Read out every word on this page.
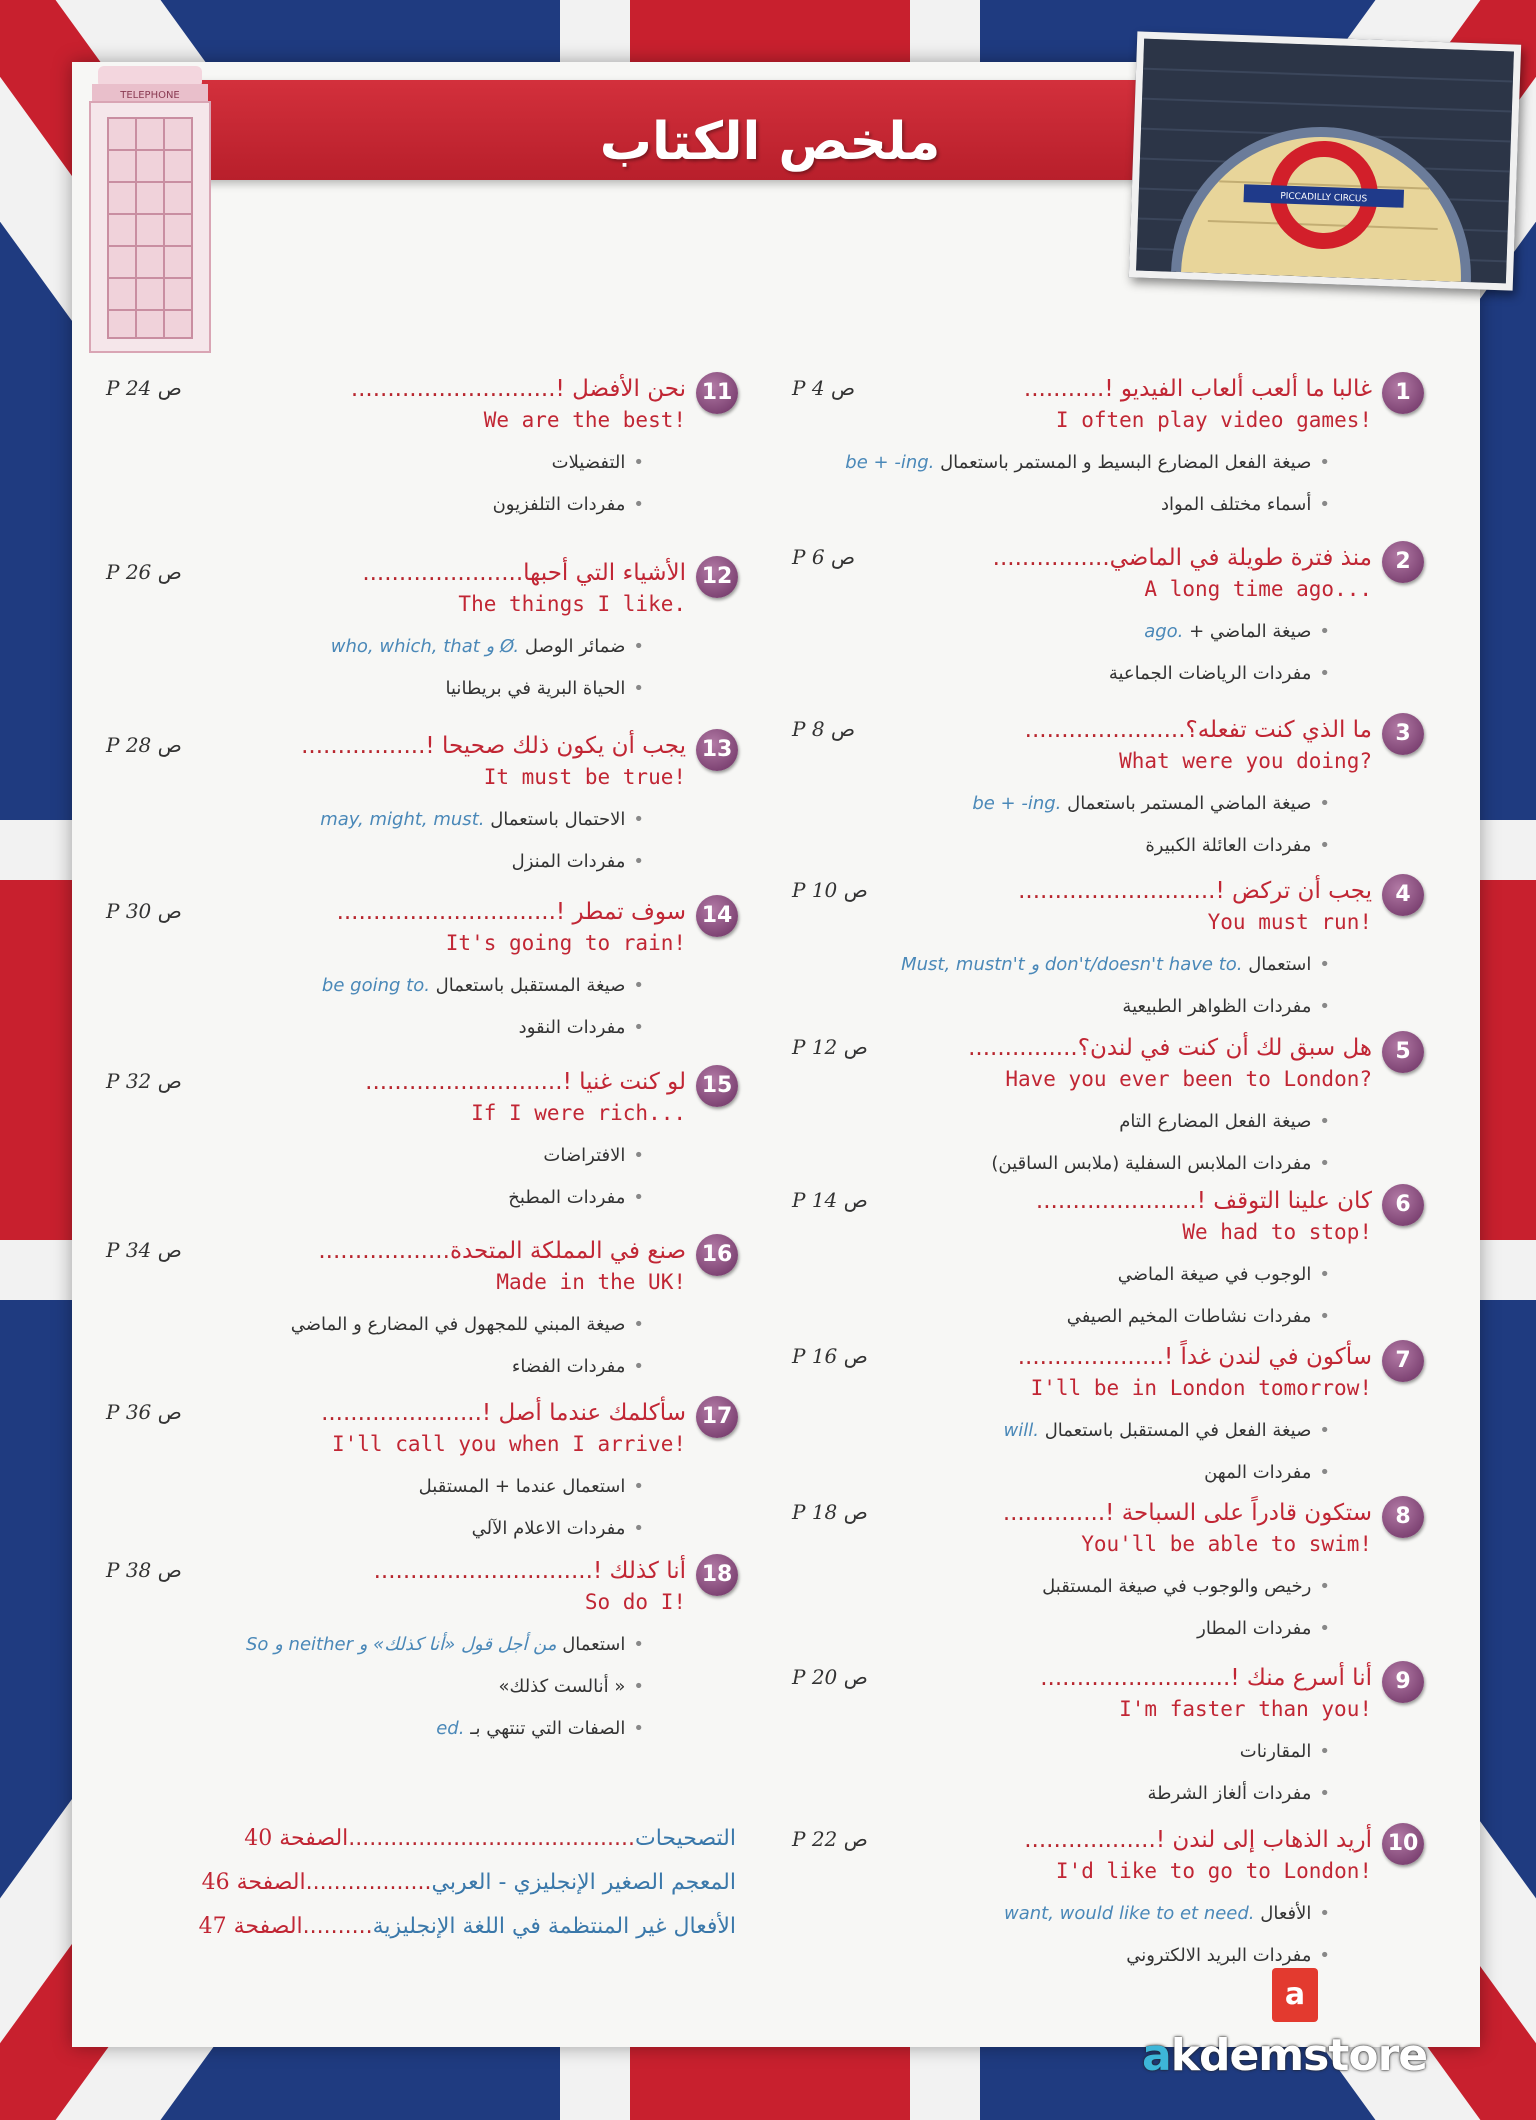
ملخص الكتاب
TELEPHONE
PICCADILLY CIRCUS
1
P 4 ص	غالبا ما ألعب ألعاب الفيديو !...........
I often play video games!
• صيغة الفعل المضارع البسيط و المستمر باستعمال be + -ing.
• أسماء مختلف المواد
2
P 6 ص	منذ فترة طويلة في الماضي................
A long time ago...
• صيغة الماضي + ago.
• مفردات الرياضات الجماعية
3
P 8 ص	ما الذي كنت تفعله؟......................
What were you doing?
• صيغة الماضي المستمر باستعمال be + -ing.
• مفردات العائلة الكبيرة
4
P 10 ص	يجب أن تركض !...........................
You must run!
• استعمال Must, mustn't و don't/doesn't have to.
• مفردات الظواهر الطبيعية
5
P 12 ص	هل سبق لك أن كنت في لندن؟...............
Have you ever been to London?
• صيغة الفعل المضارع التام
• مفردات الملابس السفلية (ملابس الساقين)
6
P 14 ص	كان علينا التوقف !......................
We had to stop!
• الوجوب في صيغة الماضي
• مفردات نشاطات المخيم الصيفي
7
P 16 ص	سأكون في لندن غداً !....................
I'll be in London tomorrow!
• صيغة الفعل في المستقبل باستعمال will.
• مفردات المهن
8
P 18 ص	ستكون قادراً على السباحة !..............
You'll be able to swim!
• رخيص والوجوب في صيغة المستقبل
• مفردات المطار
9
P 20 ص	أنا أسرع منك !..........................
I'm faster than you!
• المقارنات
• مفردات ألغاز الشرطة
10
P 22 ص	أريد الذهاب إلى لندن !..................
I'd like to go to London!
• الأفعال want, would like to et need.
• مفردات البريد الالكتروني
11
P 24 ص	نحن الأفضل !............................
We are the best!
• التفضيلات
• مفردات التلفزيون
12
P 26 ص	الأشياء التي أحبها......................
The things I like.
• ضمائر الوصل who, which, that و Ø.
• الحياة البرية في بريطانيا
13
P 28 ص	يجب أن يكون ذلك صحيحا !.................
It must be true!
• الاحتمال باستعمال may, might, must.
• مفردات المنزل
14
P 30 ص	سوف تمطر !..............................
It's going to rain!
• صيغة المستقبل باستعمال be going to.
• مفردات النقود
15
P 32 ص	لو كنت غنيا !...........................
If I were rich...
• الافتراضات
• مفردات المطبخ
16
P 34 ص	صنع في المملكة المتحدة..................
Made in the UK!
• صيغة المبني للمجهول في المضارع و الماضي
• مفردات الفضاء
17
P 36 ص	سأكلمك عندما أصل !......................
I'll call you when I arrive!
• استعمال عندما + المستقبل
• مفردات الاعلام الآلي
18
P 38 ص	أنا كذلك !..............................
So do I!
• استعمال So و neither من أجل قول «أنا كذلك» و
• « أنالست كذلك»
• الصفات التي تنتهي بـ ed.
التصحيحات.........................................الصفحة 40
المعجم الصغير الإنجليزي - العربي..................الصفحة 46
الأفعال غير المنتظمة في اللغة الإنجليزية..........الصفحة 47
a
akdemstore
